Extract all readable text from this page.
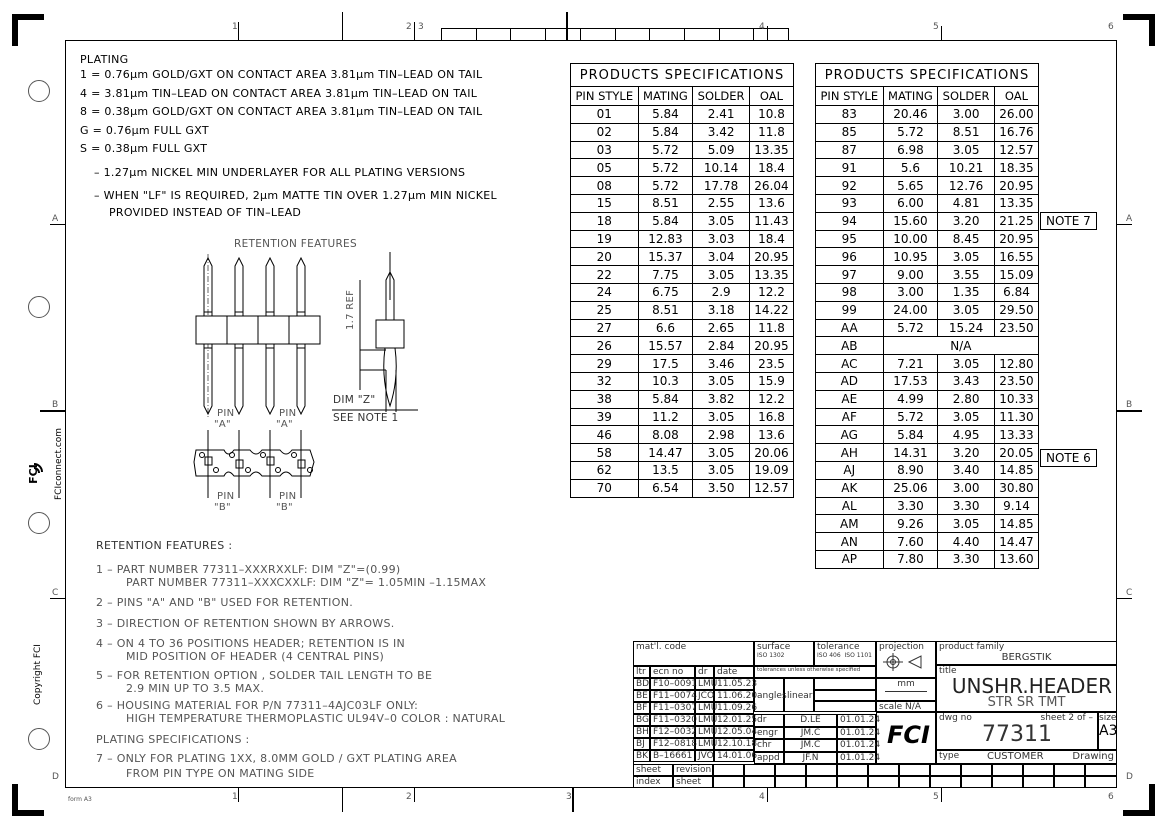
1	2 3	4	5	6
form A3	1	2	3	4	5	6
A
B
C
D
A
B
C
D
FCI FCIconnect.com
Copyright FCI
PLATING
1 = 0.76µm GOLD/GXT ON CONTACT AREA 3.81µm TIN–LEAD ON TAIL
4 = 3.81µm TIN–LEAD ON CONTACT AREA 3.81µm TIN–LEAD ON TAIL
8 = 0.38µm GOLD/GXT ON CONTACT AREA 3.81µm TIN–LEAD ON TAIL
G = 0.76µm FULL GXT
S = 0.38µm FULL GXT
– 1.27µm NICKEL MIN UNDERLAYER FOR ALL PLATING VERSIONS
– WHEN "LF" IS REQUIRED, 2µm MATTE TIN OVER 1.27µm MIN NICKEL
PROVIDED INSTEAD OF TIN–LEAD
RETENTION FEATURES
1.7 REF
DIM "Z"
SEE NOTE 1
PIN
"A"
PIN
"A"
PIN
"B"
PIN
"B"
PRODUCTS SPECIFICATIONS			
PIN STYLE	MATING	SOLDER	OAL
01	5.84	2.41	10.8
02	5.84	3.42	11.8
03	5.72	5.09	13.35
05	5.72	10.14	18.4
08	5.72	17.78	26.04
15	8.51	2.55	13.6
18	5.84	3.05	11.43
19	12.83	3.03	18.4
20	15.37	3.04	20.95
22	7.75	3.05	13.35
24	6.75	2.9	12.2
25	8.51	3.18	14.22
27	6.6	2.65	11.8
26	15.57	2.84	20.95
29	17.5	3.46	23.5
32	10.3	3.05	15.9
38	5.84	3.82	12.2
39	11.2	3.05	16.8
46	8.08	2.98	13.6
58	14.47	3.05	20.06
62	13.5	3.05	19.09
70	6.54	3.50	12.57
PRODUCTS SPECIFICATIONS			
PIN STYLE	MATING	SOLDER	OAL
83	20.46	3.00	26.00
85	5.72	8.51	16.76
87	6.98	3.05	12.57
91	5.6	10.21	18.35
92	5.65	12.76	20.95
93	6.00	4.81	13.35
94	15.60	3.20	21.25
95	10.00	8.45	20.95
96	10.95	3.05	16.55
97	9.00	3.55	15.09
98	3.00	1.35	6.84
99	24.00	3.05	29.50
AA	5.72	15.24	23.50
AB	N/A		
AC	7.21	3.05	12.80
AD	17.53	3.43	23.50
AE	4.99	2.80	10.33
AF	5.72	3.05	11.30
AG	5.84	4.95	13.33
AH	14.31	3.20	20.05
AJ	8.90	3.40	14.85
AK	25.06	3.00	30.80
AL	3.30	3.30	9.14
AM	9.26	3.05	14.85
AN	7.60	4.40	14.47
AP	7.80	3.30	13.60
NOTE 7
NOTE 6
RETENTION FEATURES :
1 – PART NUMBER 77311–XXXRXXLF: DIM "Z"=(0.99)
PART NUMBER 77311–XXXCXXLF: DIM "Z"= 1.05MIN –1.15MAX
2 – PINS "A" AND "B" USED FOR RETENTION.
3 – DIRECTION OF RETENTION SHOWN BY ARROWS.
4 – ON 4 TO 36 POSITIONS HEADER; RETENTION IS IN
MID POSITION OF HEADER (4 CENTRAL PINS)
5 – FOR RETENTION OPTION , SOLDER TAIL LENGTH TO BE
2.9 MIN UP TO 3.5 MAX.
6 – HOUSING MATERIAL FOR P/N 77311–4AJC03LF ONLY:
HIGH TEMPERATURE THERMOPLASTIC UL94V–0 COLOR : NATURAL
PLATING SPECIFICATIONS :
7 – ONLY FOR PLATING 1XX, 8.0MM GOLD / GXT PLATING AREA
FROM PIN TYPE ON MATING SIDE
mat'l. code	surface
ISO 1302
tolerance
ISO 406 ISO 1101
ltr ecn no	dr	date	tolerances unless otherwise specified
BD F10–0091 LMU 11.05.23
BE F11–0074 JCO 11.06.20
BF F11–0307 LMU 11.09.26
BG F11–0320 LMU 12.01.25
BH F12–0032 LMU 12.05.04
BJ F12–0818 LMU 12.10.18
BK B–16661 JVO 14.01.06
angles linear
dr	D.LE	01.01.24
engr	JM.C	01.01.24
chr	JM.C	01.01.24
appd	JF.N	01.01.24
projection
mm
scale N/A
FCI
product family
BERGSTIK
title
UNSHR.HEADER
STR SR TMT
dwg no	sheet 2 of –
77311
size
A3
type	CUSTOMER	Drawing
sheet
index
revision
sheet
